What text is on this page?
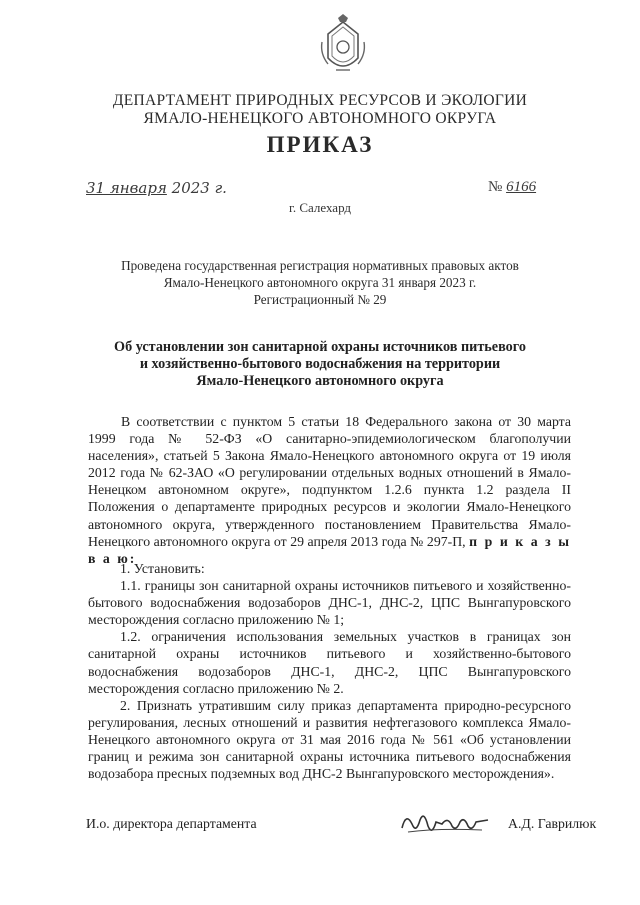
ДЕПАРТАМЕНТ ПРИРОДНЫХ РЕСУРСОВ И ЭКОЛОГИИ
ЯМАЛО-НЕНЕЦКОГО АВТОНОМНОГО ОКРУГА
ПРИКАЗ
31 января 2023 г.	№ 6166
г. Салехард
Проведена государственная регистрация нормативных правовых актов
Ямало-Ненецкого автономного округа 31 января 2023 г.
Регистрационный № 29
Об установлении зон санитарной охраны источников питьевого
и хозяйственно-бытового водоснабжения на территории
Ямало-Ненецкого автономного округа

В соответствии с пунктом 5 статьи 18 Федерального закона от 30 марта 1999 года № 52-ФЗ «О санитарно-эпидемиологическом благополучии населения», статьей 5 Закона Ямало-Ненецкого автономного округа от 19 июля 2012 года № 62-ЗАО «О регулировании отдельных водных отношений в Ямало-Ненецком автономном округе», подпунктом 1.2.6 пункта 1.2 раздела II Положения о департаменте природных ресурсов и экологии Ямало-Ненецкого автономного округа, утвержденного постановлением Правительства Ямало-Ненецкого автономного округа от 29 апреля 2013 года № 297-П, п р и к а з ы в а ю:

1. Установить:

1.1. границы зон санитарной охраны источников питьевого и хозяйственно-бытового водоснабжения водозаборов ДНС-1, ДНС-2, ЦПС Вынгапуровского месторождения согласно приложению № 1;

1.2. ограничения использования земельных участков в границах зон санитарной охраны источников питьевого и хозяйственно-бытового водоснабжения водозаборов ДНС-1, ДНС-2, ЦПС Вынгапуровского месторождения согласно приложению № 2.

2. Признать утратившим силу приказ департамента природно-ресурсного регулирования, лесных отношений и развития нефтегазового комплекса Ямало-Ненецкого автономного округа от 31 мая 2016 года № 561 «Об установлении границ и режима зон санитарной охраны источника питьевого водоснабжения водозабора пресных подземных вод ДНС-2 Вынгапуровского месторождения».

И.о. директора департамента	А.Д. Гаврилюк
